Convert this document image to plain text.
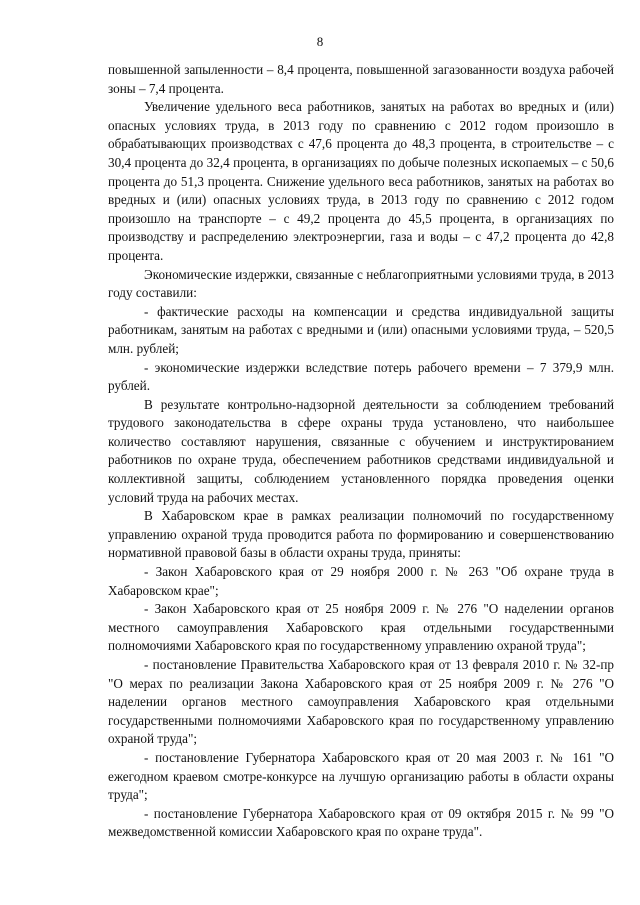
8

повышенной запыленности – 8,4 процента, повышенной загазованности воздуха рабочей зоны – 7,4 процента.

Увеличение удельного веса работников, занятых на работах во вредных и (или) опасных условиях труда, в 2013 году по сравнению с 2012 годом произошло в обрабатывающих производствах с 47,6 процента до 48,3 процента, в строительстве – с 30,4 процента до 32,4 процента, в организациях по добыче полезных ископаемых – с 50,6 процента до 51,3 процента. Снижение удельного веса работников, занятых на работах во вредных и (или) опасных условиях труда, в 2013 году по сравнению с 2012 годом произошло на транспорте – с 49,2 процента до 45,5 процента, в организациях по производству и распределению электроэнергии, газа и воды – с 47,2 процента до 42,8 процента.

Экономические издержки, связанные с неблагоприятными условиями труда, в 2013 году составили:

- фактические расходы на компенсации и средства индивидуальной защиты работникам, занятым на работах с вредными и (или) опасными условиями труда, – 520,5 млн. рублей;

- экономические издержки вследствие потерь рабочего времени – 7 379,9 млн. рублей.

В результате контрольно-надзорной деятельности за соблюдением требований трудового законодательства в сфере охраны труда установлено, что наибольшее количество составляют нарушения, связанные с обучением и инструктированием работников по охране труда, обеспечением работников средствами индивидуальной и коллективной защиты, соблюдением установленного порядка проведения оценки условий труда на рабочих местах.

В Хабаровском крае в рамках реализации полномочий по государственному управлению охраной труда проводится работа по формированию и совершенствованию нормативной правовой базы в области охраны труда, приняты:

- Закон Хабаровского края от 29 ноября 2000 г. № 263 "Об охране труда в Хабаровском крае";

- Закон Хабаровского края от 25 ноября 2009 г. № 276 "О наделении органов местного самоуправления Хабаровского края отдельными государственными полномочиями Хабаровского края по государственному управлению охраной труда";

- постановление Правительства Хабаровского края от 13 февраля 2010 г. № 32-пр "О мерах по реализации Закона Хабаровского края от 25 ноября 2009 г. № 276 "О наделении органов местного самоуправления Хабаровского края отдельными государственными полномочиями Хабаровского края по государственному управлению охраной труда";

- постановление Губернатора Хабаровского края от 20 мая 2003 г. № 161 "О ежегодном краевом смотре-конкурсе на лучшую организацию работы в области охраны труда";

- постановление Губернатора Хабаровского края от 09 октября 2015 г. № 99 "О межведомственной комиссии Хабаровского края по охране труда".
